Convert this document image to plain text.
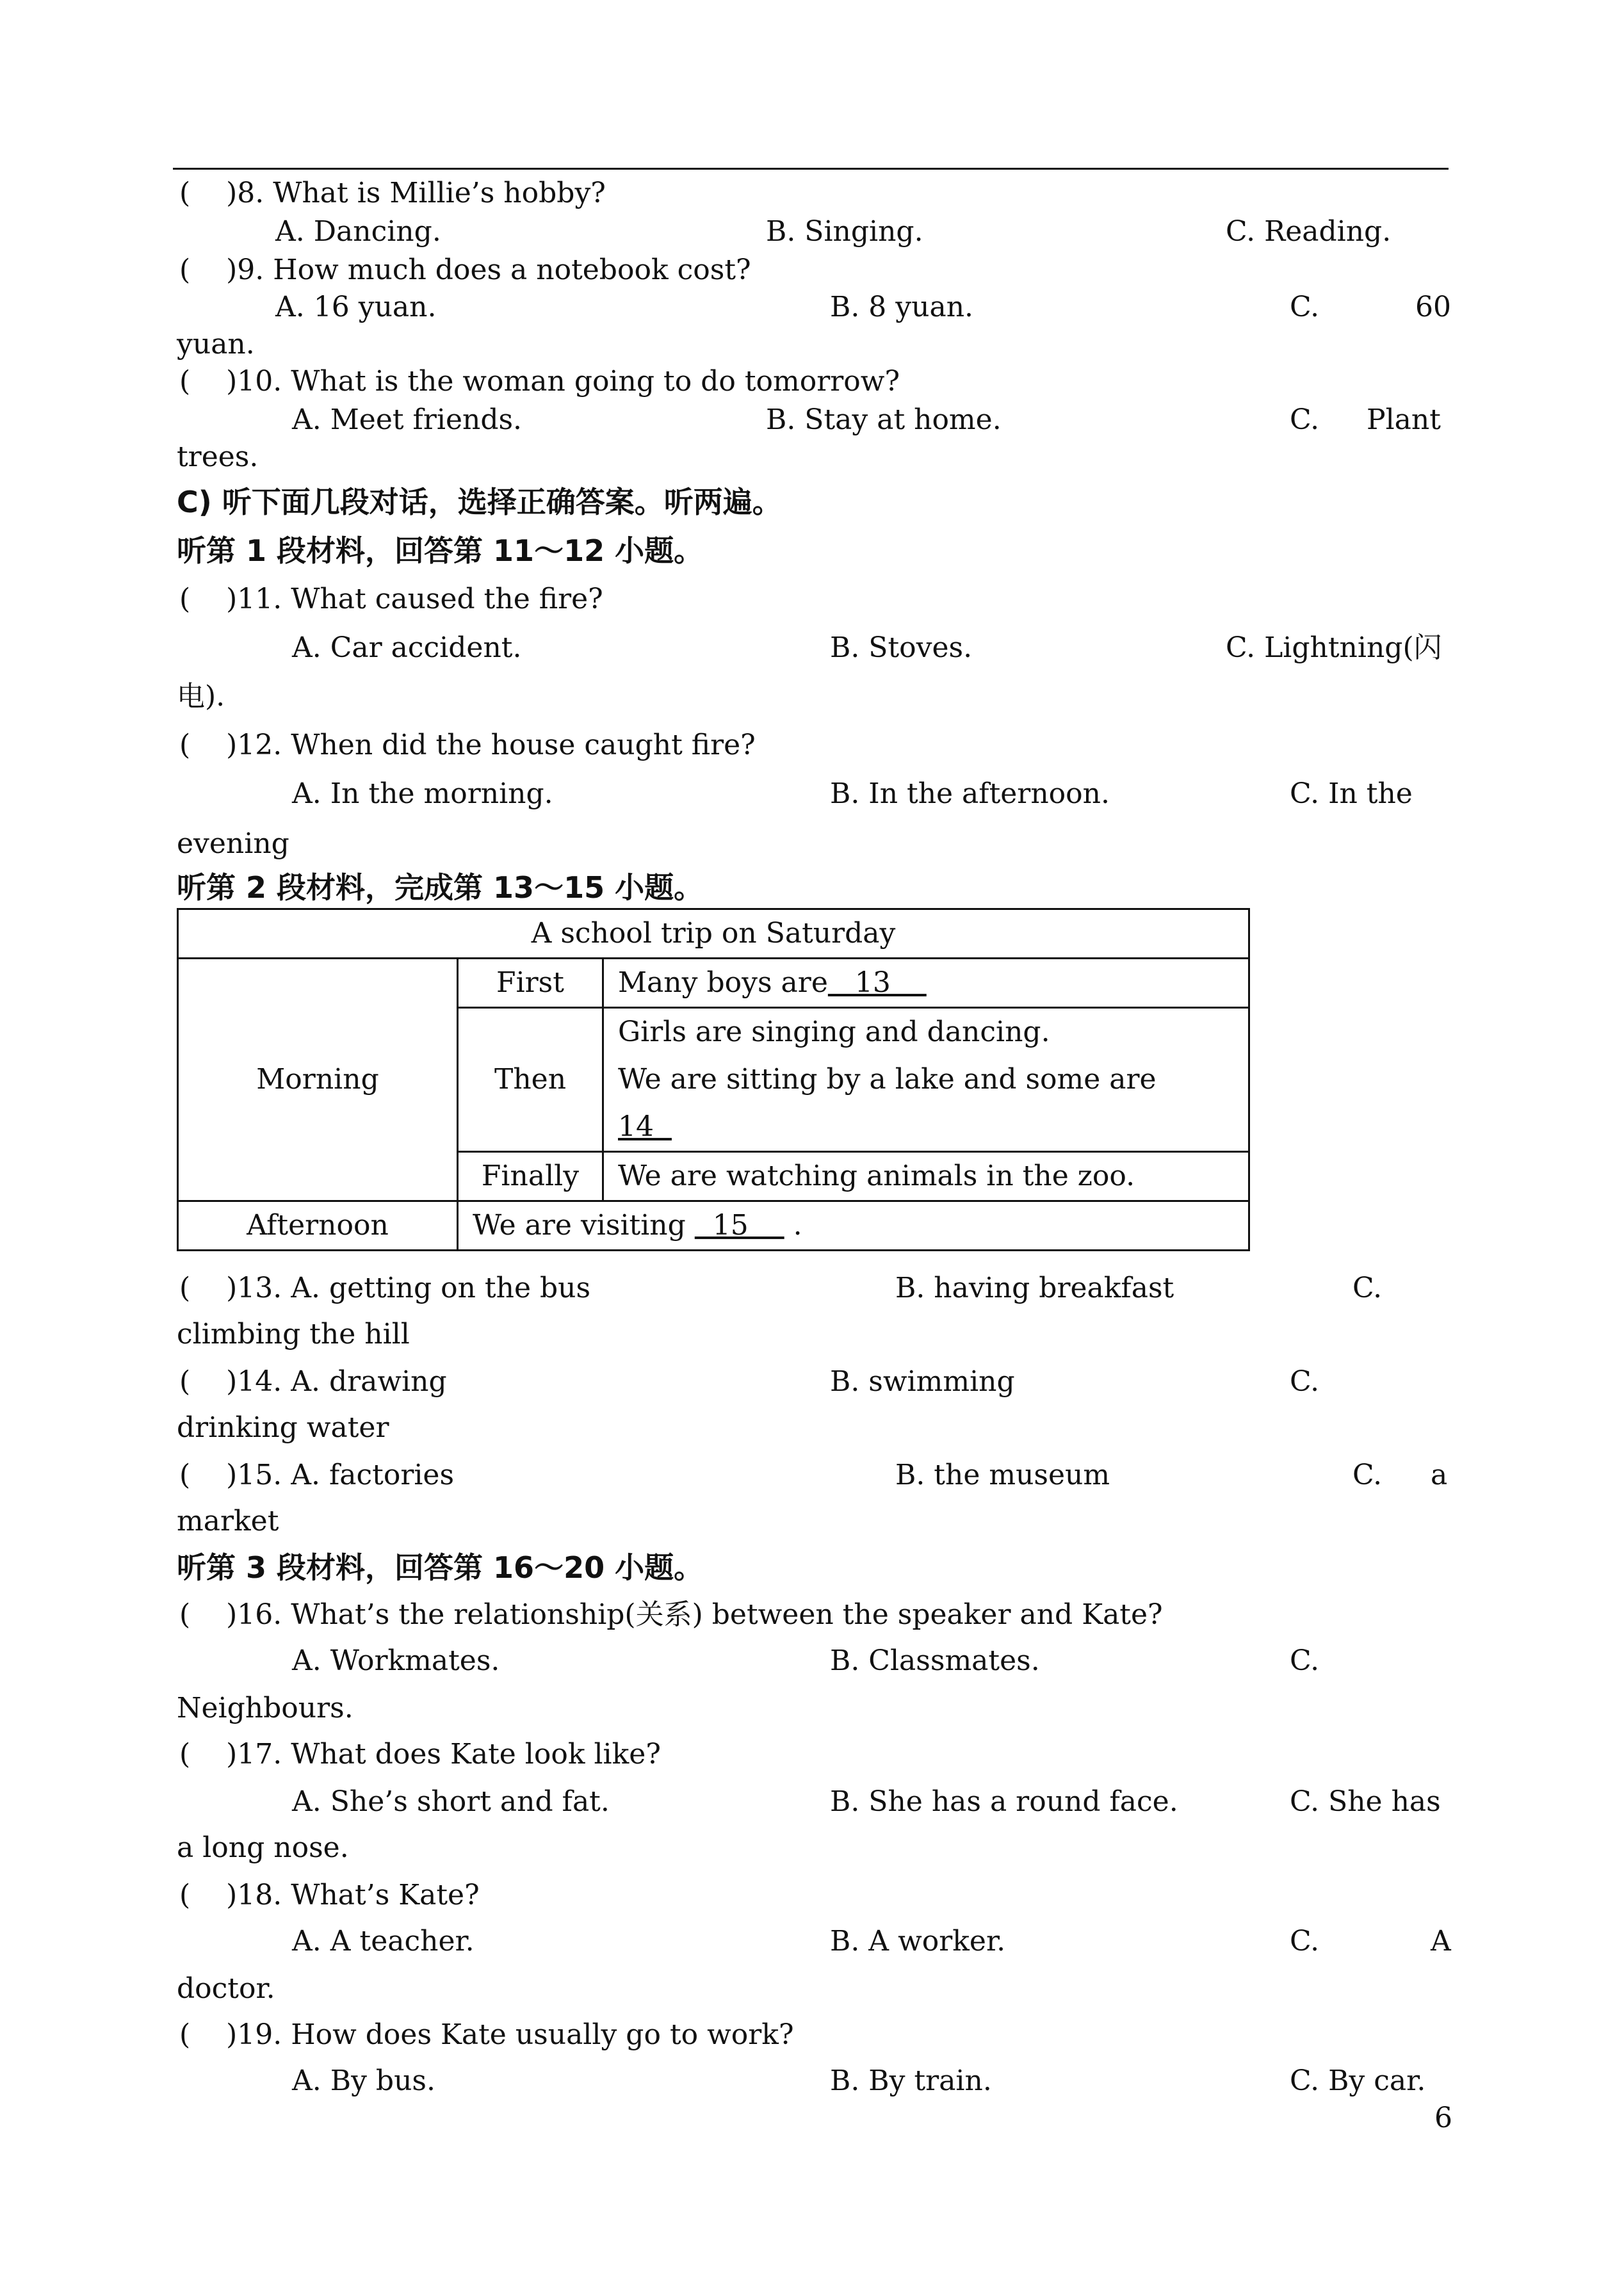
(    )8. What is Millie’s hobby?
A. Dancing.	B. Singing.	C. Reading.
(    )9. How much does a notebook cost?
A. 16 yuan.	B. 8 yuan.	C.	60
yuan.
(    )10. What is the woman going to do tomorrow?
A. Meet friends.	B. Stay at home.	C. Plant
trees.
C) 听下面几段对话，选择正确答案。听两遍。
听第 1 段材料，回答第 11～12 小题。
(    )11. What caused the fire?
A. Car accident.	B. Stoves.	C. Lightning(闪
电).
(    )12. When did the house caught fire?
A. In the morning.	B. In the afternoon.	C. In the
evening
听第 2 段材料，完成第 13～15 小题。
A school trip on Saturday		
Morning	First	Many boys are   13
	Then	Girls are singing and dancing.
We are sitting by a lake and some are
14

	Finally	We are watching animals in the zoo.
Afternoon	We are visiting   15     .	
(    )13. A. getting on the bus	B. having breakfast	C.
climbing the hill
(    )14. A. drawing	B. swimming	C.
drinking water
(    )15. A. factories	B. the museum	C. a
market
听第 3 段材料，回答第 16～20 小题。
(    )16. What’s the relationship(关系) between the speaker and Kate?
A. Workmates.	B. Classmates.	C.
Neighbours.
(    )17. What does Kate look like?
A. She’s short and fat.	B. She has a round face.	C. She has
a long nose.
(    )18. What’s Kate?
A. A teacher.	B. A worker.	C.	A
doctor.
(    )19. How does Kate usually go to work?
A. By bus.	B. By train.	C. By car.
6
